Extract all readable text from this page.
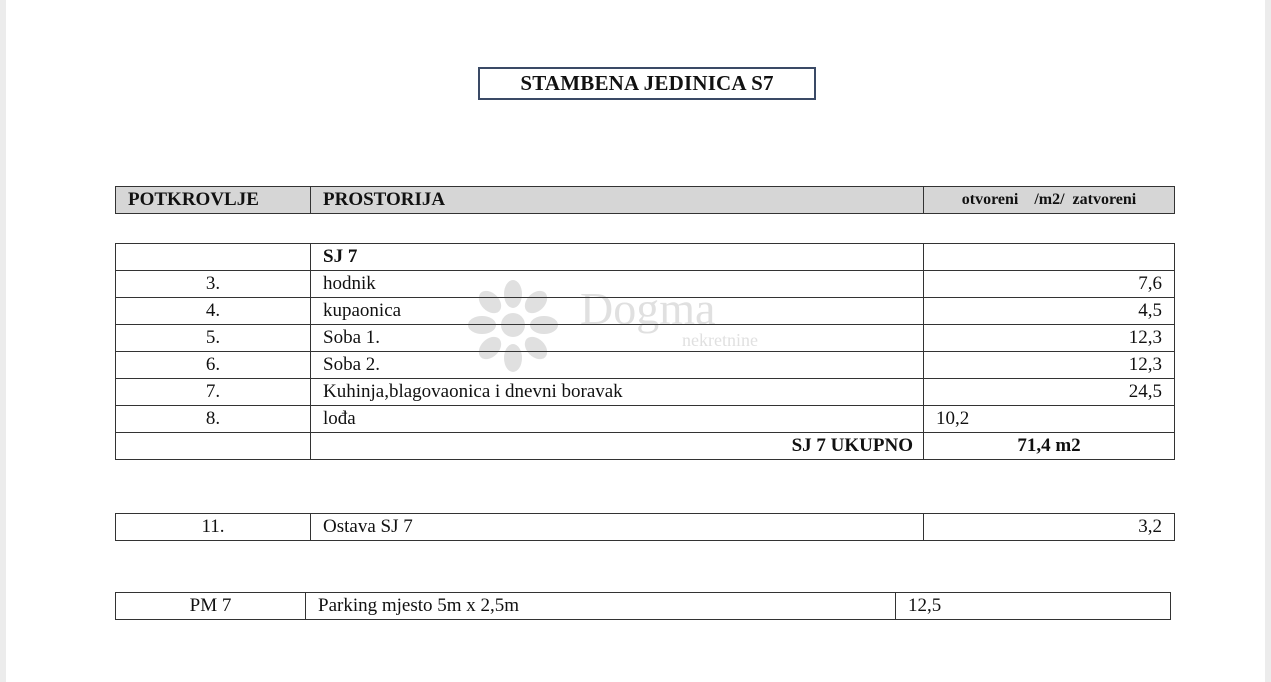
STAMBENA JEDINICA S7
POTKROVLJE	PROSTORIJA	otvoreni    /m2/  zatvoreni
	SJ 7	
3.	hodnik	7,6
4.	kupaonica	4,5
5.	Soba 1.	12,3
6.	Soba 2.	12,3
7.	Kuhinja,blagovaonica i dnevni boravak	24,5
8.	lođa	10,2
	SJ 7 UKUPNO	71,4 m2
11.	Ostava SJ 7	3,2
PM 7	Parking mjesto 5m x 2,5m	12,5
Dogma
nekretnine
